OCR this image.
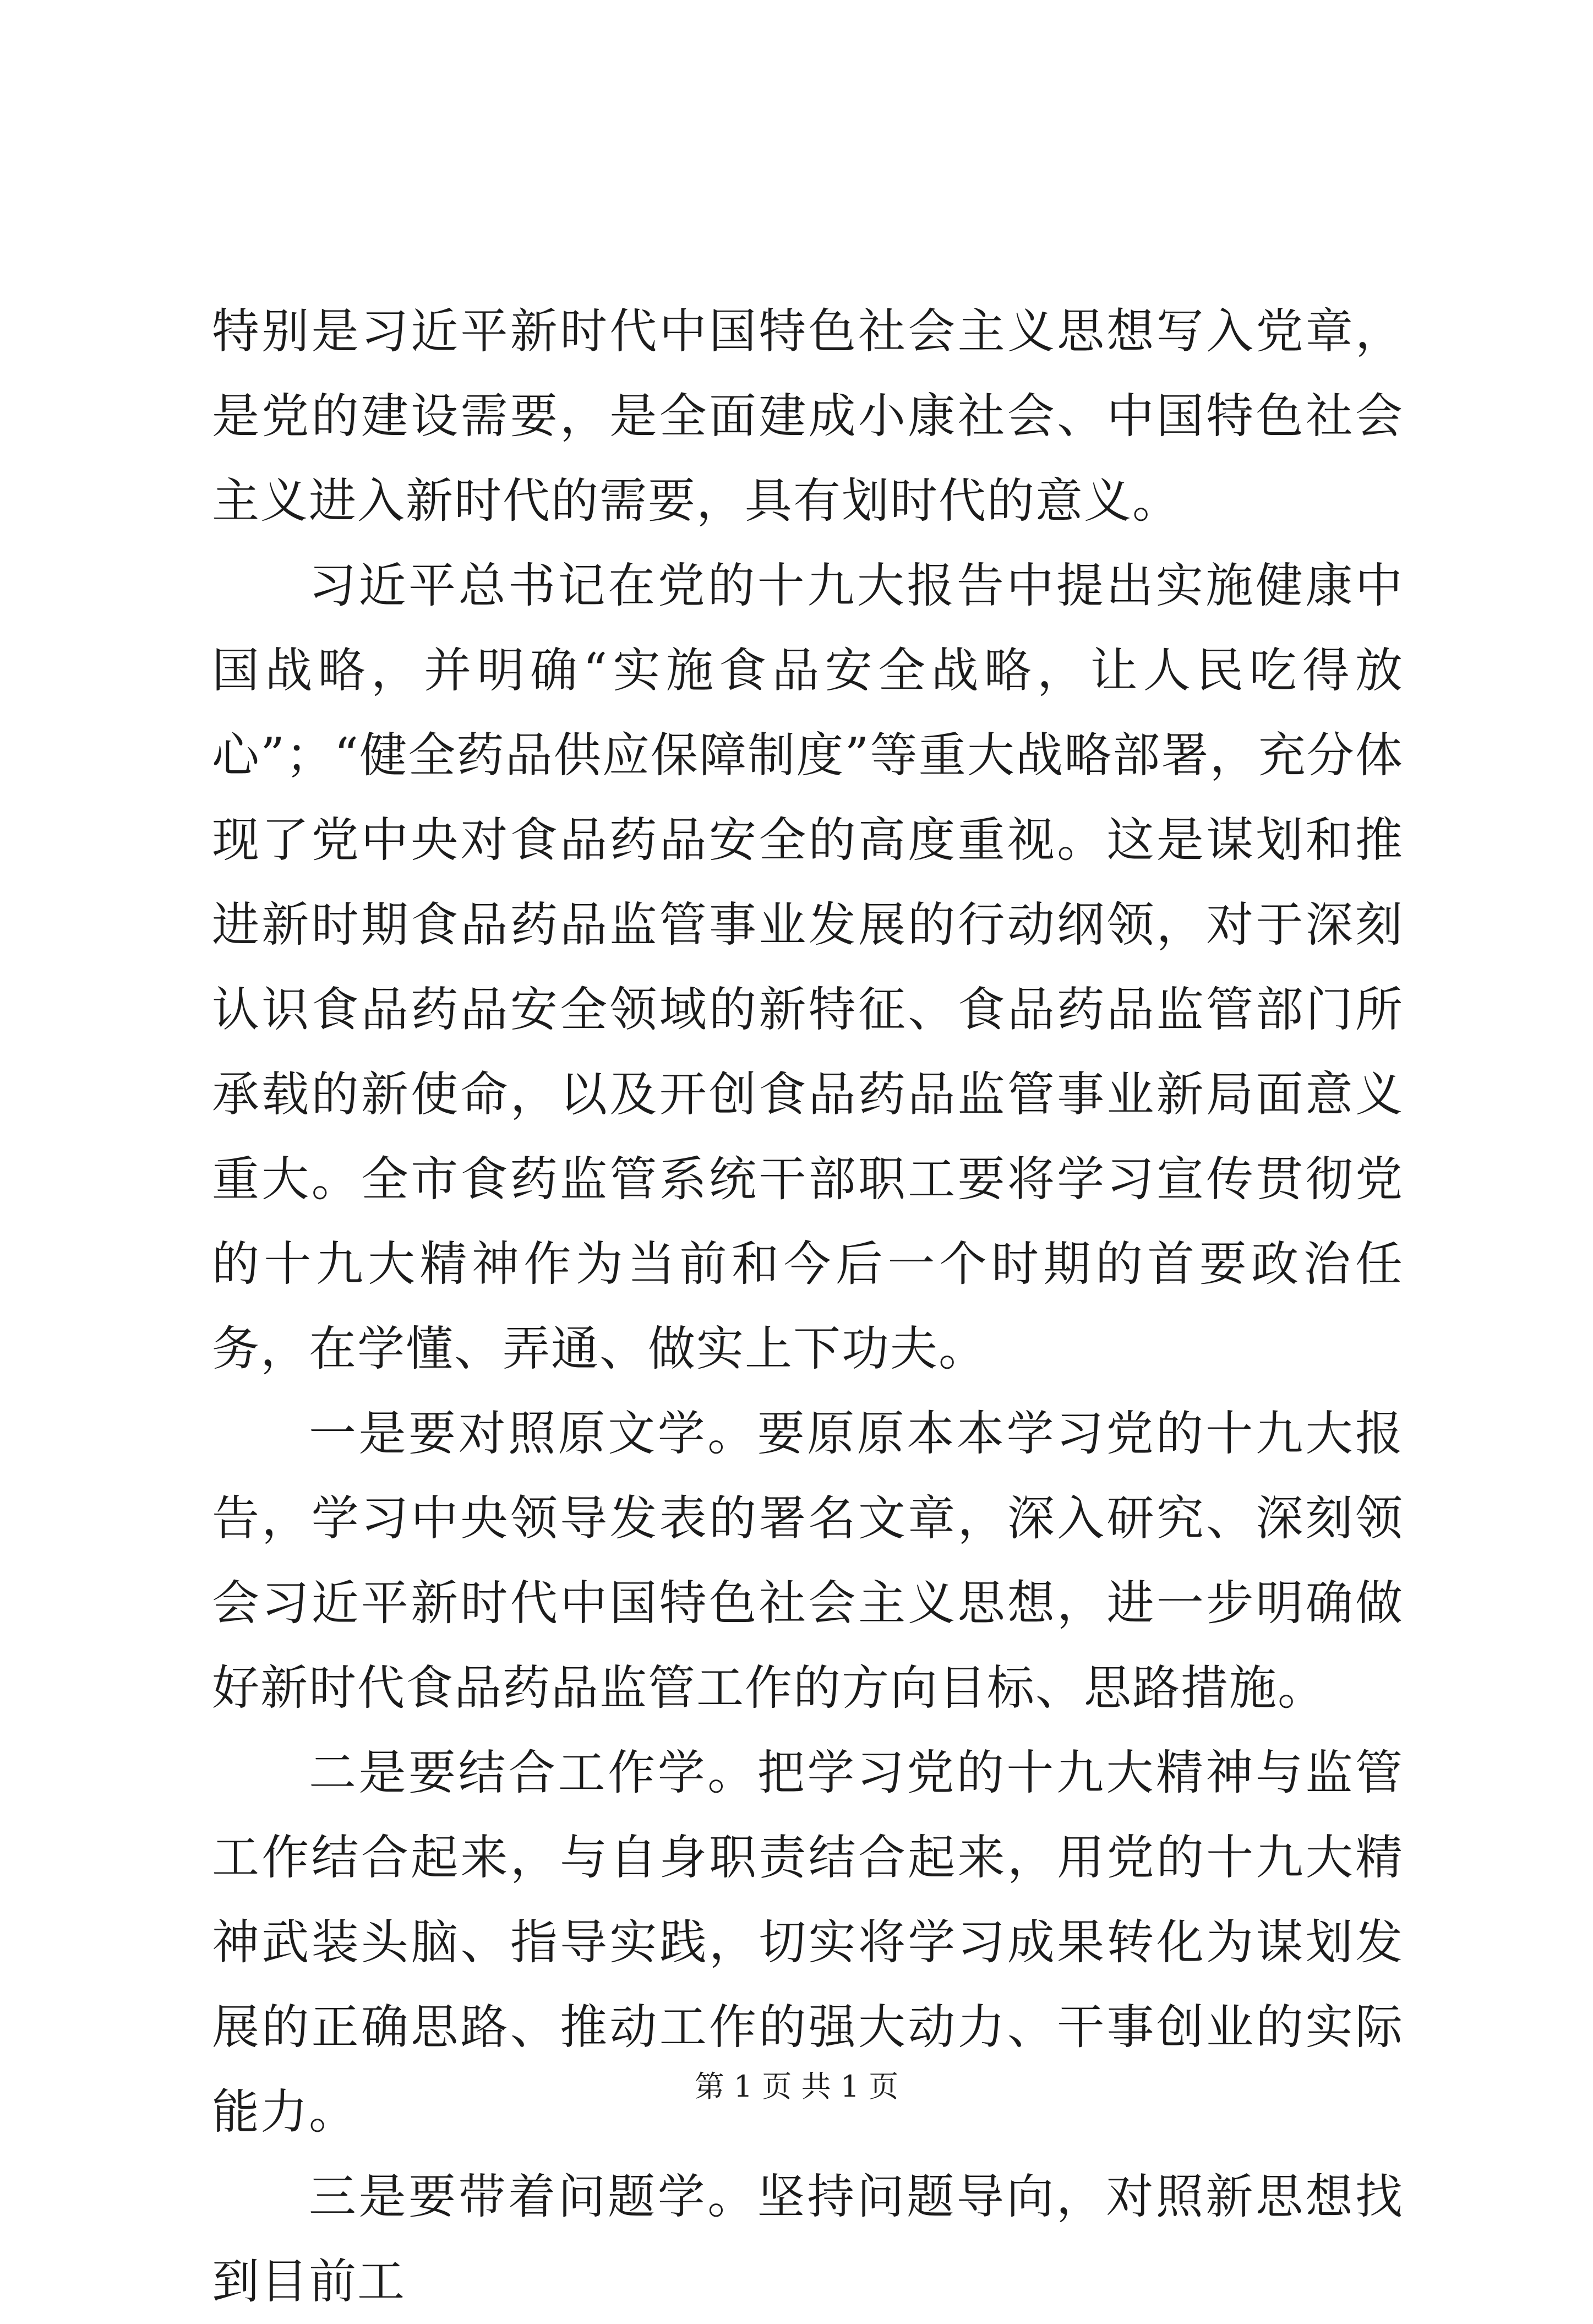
特别是习近平新时代中国特色社会主义思想写入党章，是党的建设需要，是全面建成小康社会、中国特色社会主义进入新时代的需要，具有划时代的意义。

习近平总书记在党的十九大报告中提出实施健康中国战略，并明确“实施食品安全战略，让人民吃得放心”；“健全药品供应保障制度”等重大战略部署，充分体现了党中央对食品药品安全的高度重视。这是谋划和推进新时期食品药品监管事业发展的行动纲领，对于深刻认识食品药品安全领域的新特征、食品药品监管部门所承载的新使命，以及开创食品药品监管事业新局面意义重大。全市食药监管系统干部职工要将学习宣传贯彻党的十九大精神作为当前和今后一个时期的首要政治任务，在学懂、弄通、做实上下功夫。

一是要对照原文学。要原原本本学习党的十九大报告，学习中央领导发表的署名文章，深入研究、深刻领会习近平新时代中国特色社会主义思想，进一步明确做好新时代食品药品监管工作的方向目标、思路措施。

二是要结合工作学。把学习党的十九大精神与监管工作结合起来，与自身职责结合起来，用党的十九大精神武装头脑、指导实践，切实将学习成果转化为谋划发展的正确思路、推动工作的强大动力、干事创业的实际能力。

三是要带着问题学。坚持问题导向，对照新思想找到目前工

第 1 页 共 1 页
